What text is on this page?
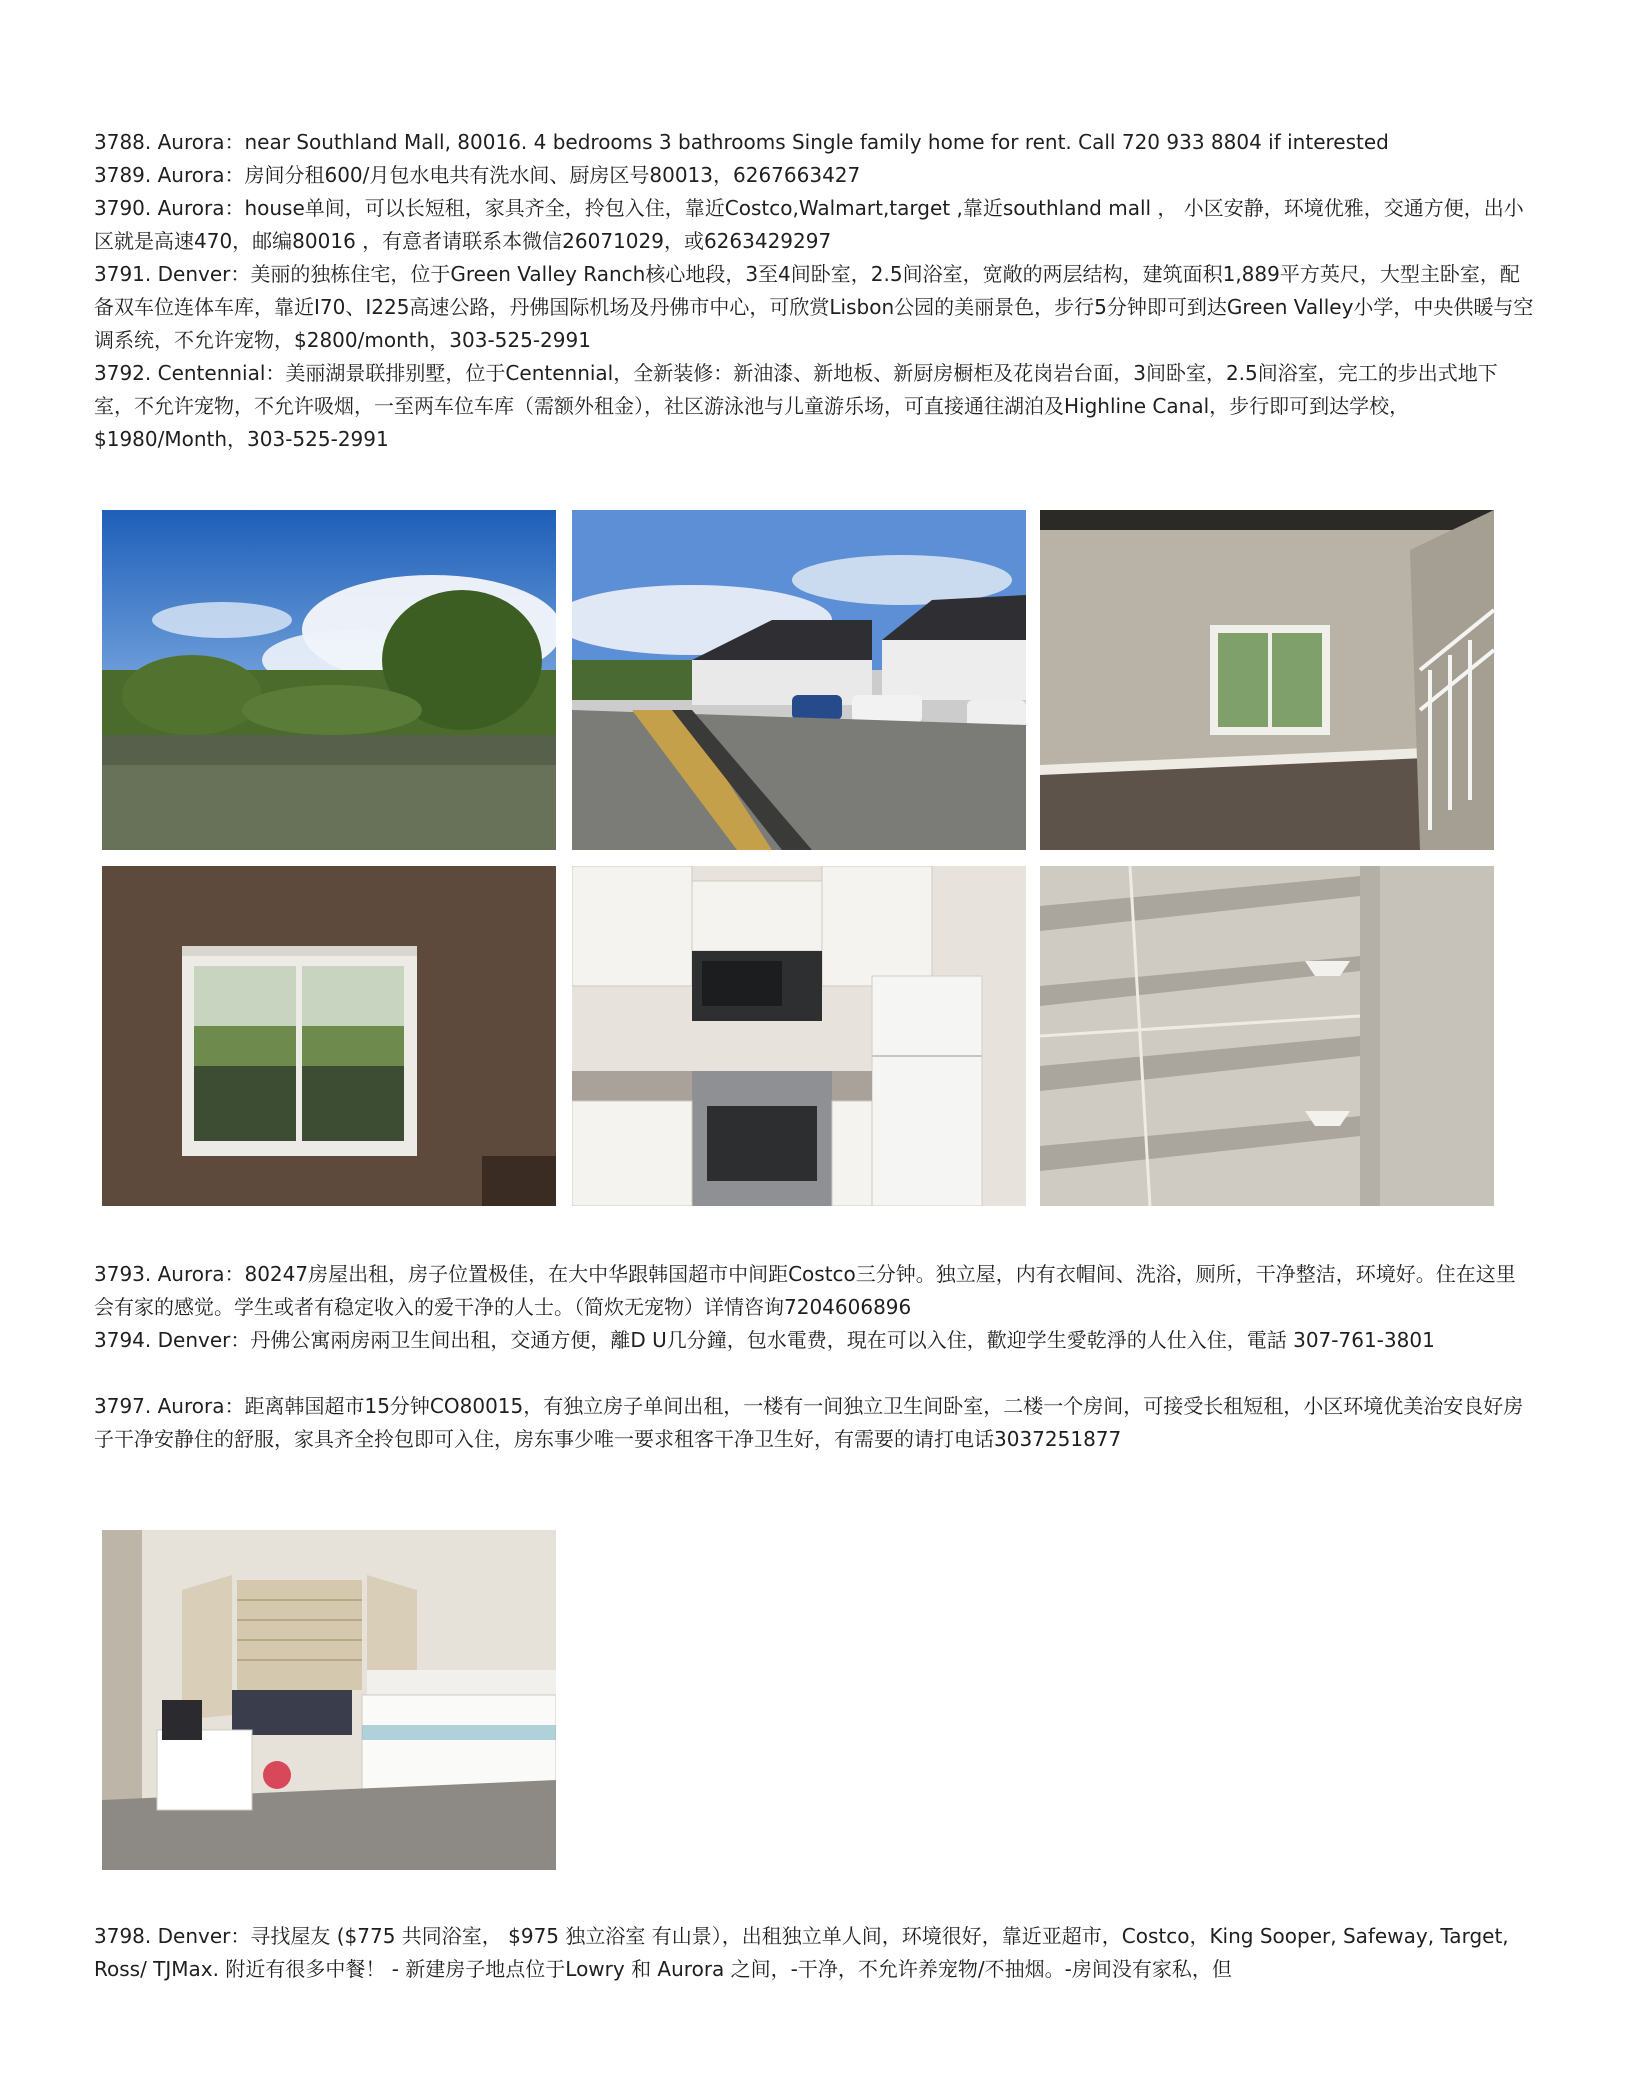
3788. Aurora：near Southland Mall, 80016. 4 bedrooms 3 bathrooms Single family home for rent. Call 720 933 8804 if interested

3789. Aurora：房间分租600/月包水电共有洗水间、厨房区号80013，6267663427

3790. Aurora：house单间，可以长短租，家具齐全，拎包入住，靠近Costco,Walmart,target ,靠近southland mall ， 小区安静，环境优雅，交通方便，出小区就是高速470，邮编80016 ，有意者请联系本微信26071029，或6263429297

3791. Denver：美丽的独栋住宅，位于Green Valley Ranch核心地段，3至4间卧室，2.5间浴室，宽敞的两层结构，建筑面积1,889平方英尺，大型主卧室，配备双车位连体车库，靠近I70、I225高速公路，丹佛国际机场及丹佛市中心，可欣赏Lisbon公园的美丽景色，步行5分钟即可到达Green Valley小学，中央供暖与空调系统，不允许宠物，$2800/month，303-525-2991

3792. Centennial：美丽湖景联排别墅，位于Centennial，全新装修：新油漆、新地板、新厨房橱柜及花岗岩台面，3间卧室，2.5间浴室，完工的步出式地下室，不允许宠物，不允许吸烟，一至两车位车库（需额外租金），社区游泳池与儿童游乐场，可直接通往湖泊及Highline Canal，步行即可到达学校，$1980/Month，303-525-2991

3793. Aurora：80247房屋出租，房子位置极佳，在大中华跟韩国超市中间距Costco三分钟。独立屋，内有衣帽间、洗浴，厕所，干净整洁，环境好。住在这里会有家的感觉。学生或者有稳定收入的爱干净的人士。（简炊无宠物）详情咨询7204606896

3794. Denver：丹佛公寓兩房兩卫生间出租，交通方便，離D U几分鐘，包水電费，現在可以入住，歡迎学生愛乾淨的人仕入住，電話 307-761-3801

3797. Aurora：距离韩国超市15分钟CO80015，有独立房子单间出租，一楼有一间独立卫生间卧室，二楼一个房间，可接受长租短租，小区环境优美治安良好房子干净安静住的舒服，家具齐全拎包即可入住，房东事少唯一要求租客干净卫生好，有需要的请打电话3037251877

3798. Denver：寻找屋友 ($775 共同浴室， $975 独立浴室 有山景），出租独立单人间，环境很好，靠近亚超市，Costco，King Sooper, Safeway, Target, Ross/ TJMax. 附近有很多中餐！ - 新建房子地点位于Lowry 和 Aurora 之间，-干净，不允许养宠物/不抽烟。-房间没有家私，但
